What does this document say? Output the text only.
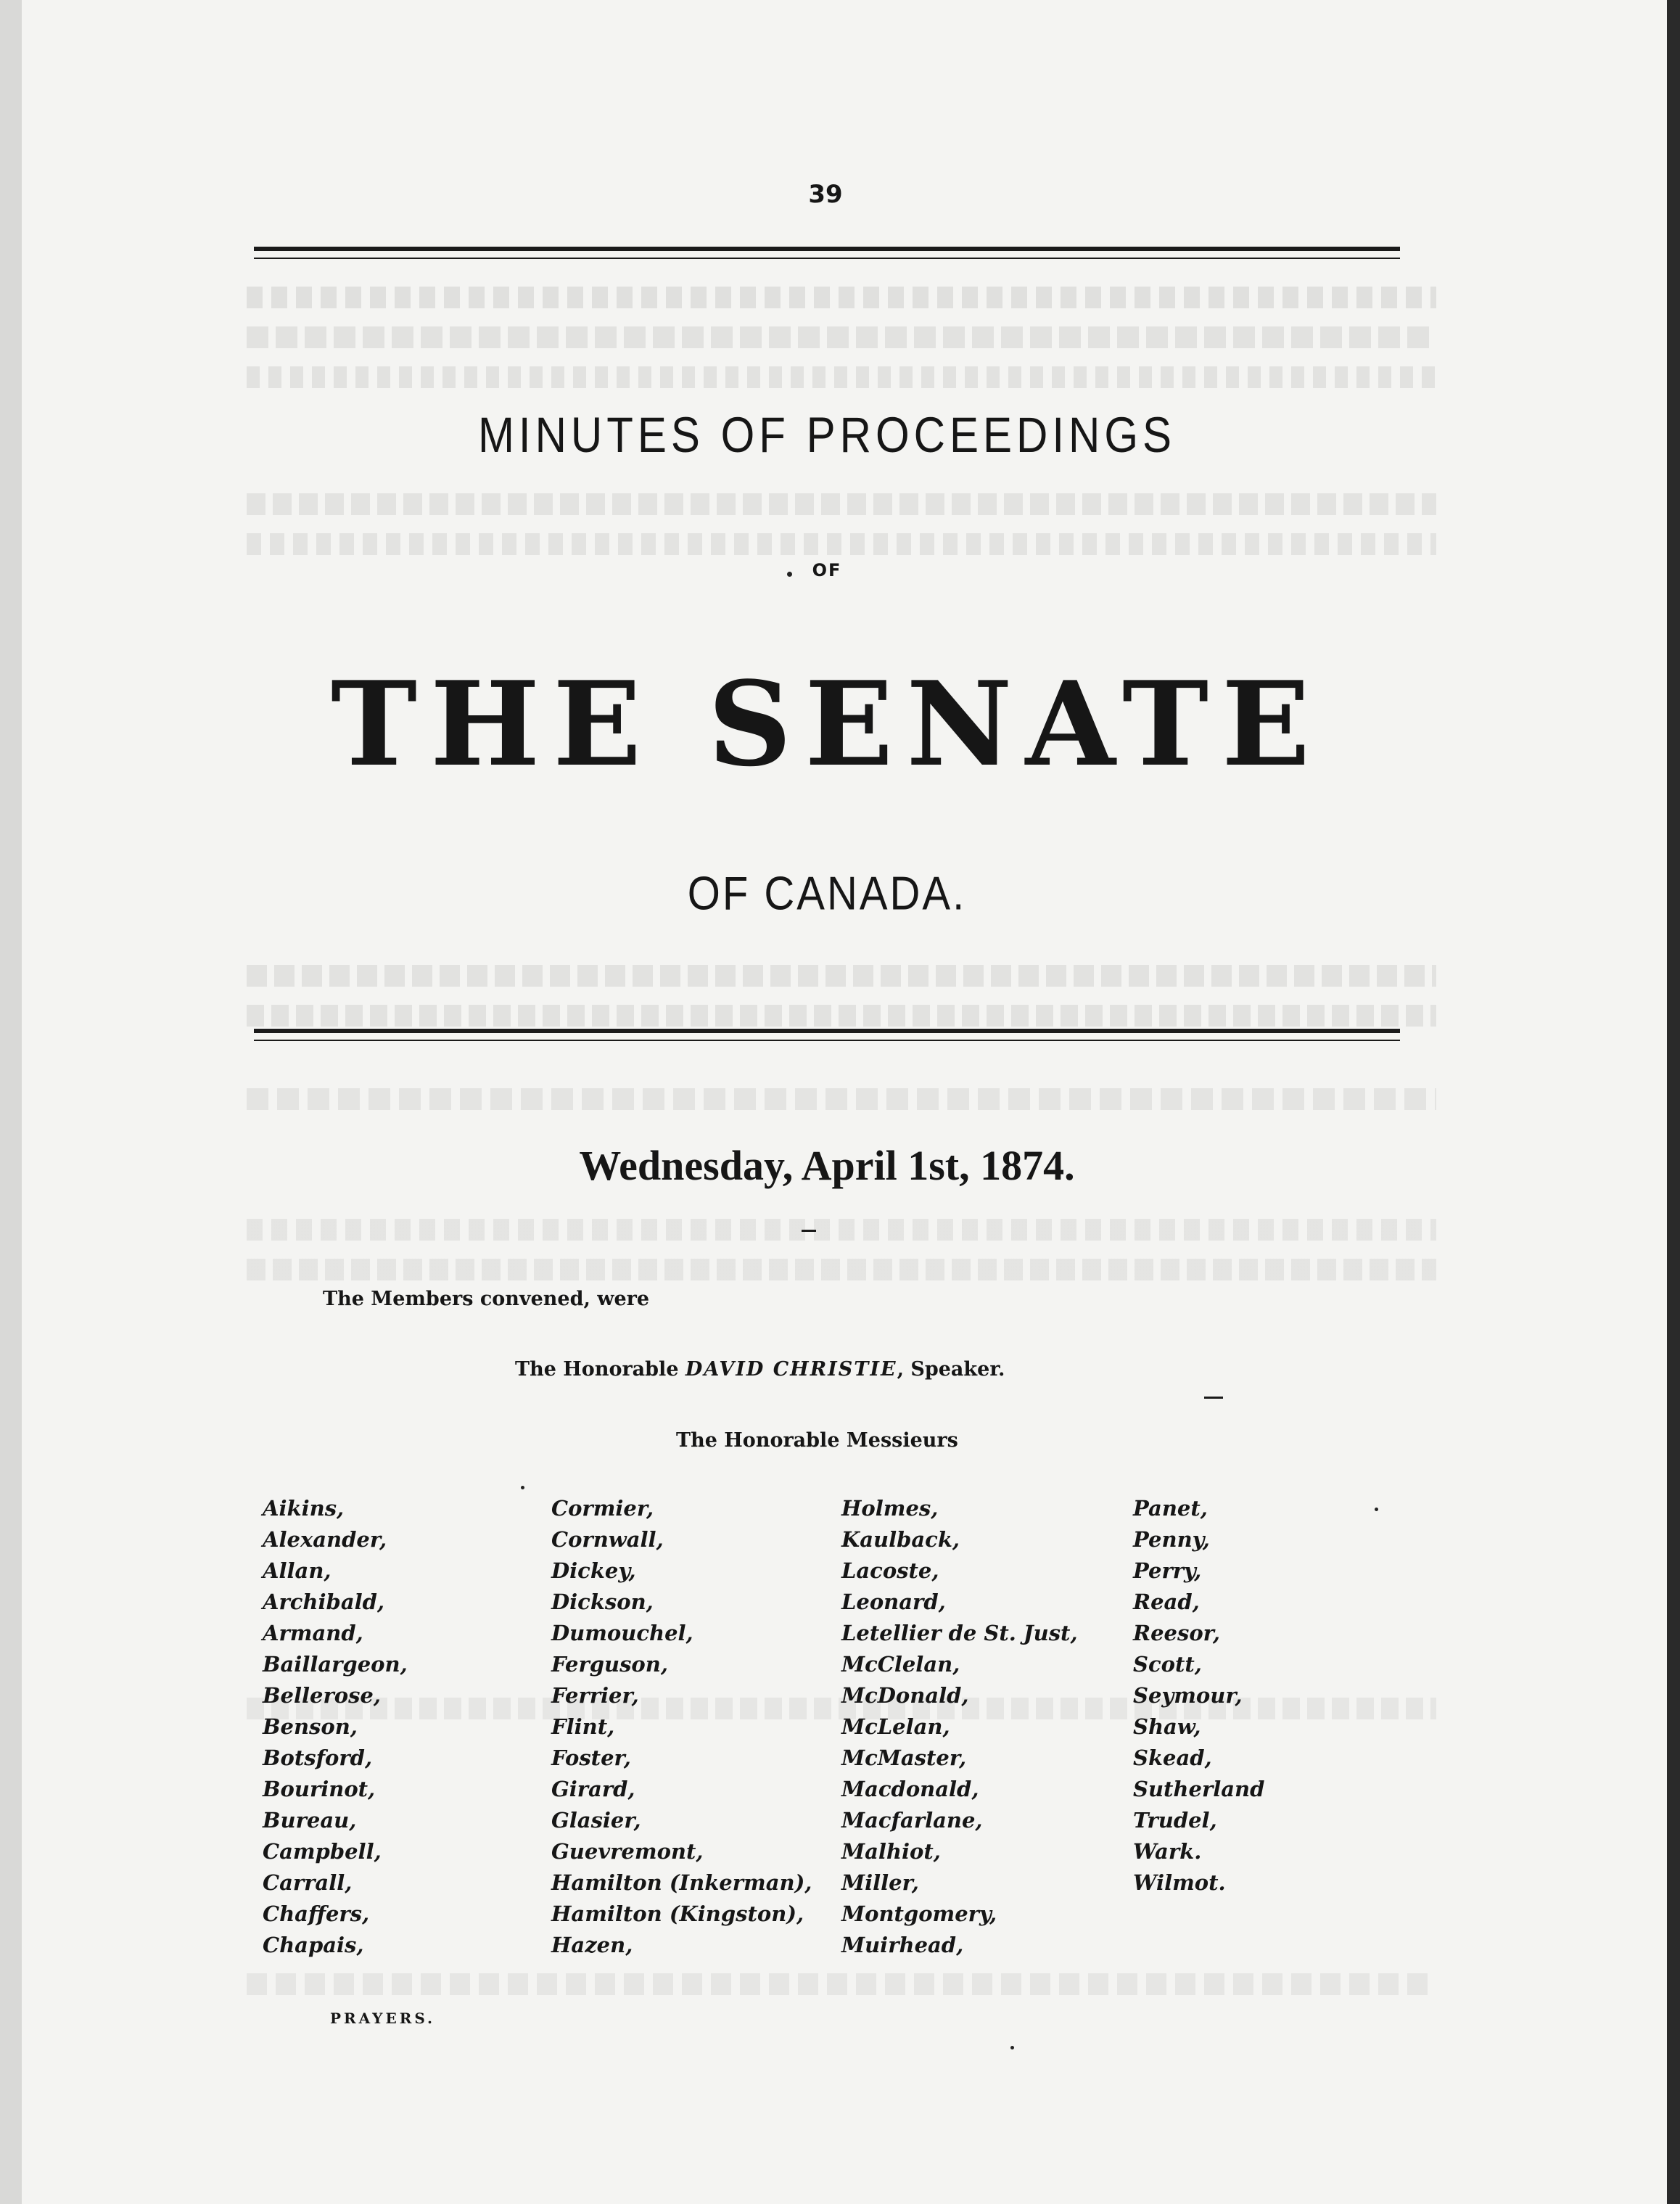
39
MINUTES OF PROCEEDINGS
OF
THE SENATE
OF CANADA.
Wednesday, April 1st, 1874.
The Members convened, were
The Honorable DAVID CHRISTIE, Speaker.
The Honorable Messieurs
Aikins,
Alexander,
Allan,
Archibald,
Armand,
Baillargeon,
Bellerose,
Benson,
Botsford,
Bourinot,
Bureau,
Campbell,
Carrall,
Chaffers,
Chapais,
Cormier,
Cornwall,
Dickey,
Dickson,
Dumouchel,
Ferguson,
Ferrier,
Flint,
Foster,
Girard,
Glasier,
Guevremont,
Hamilton (Inkerman),
Hamilton (Kingston),
Hazen,
Holmes,
Kaulback,
Lacoste,
Leonard,
Letellier de St. Just,
McClelan,
McDonald,
McLelan,
McMaster,
Macdonald,
Macfarlane,
Malhiot,
Miller,
Montgomery,
Muirhead,
Panet,
Penny,
Perry,
Read,
Reesor,
Scott,
Seymour,
Shaw,
Skead,
Sutherland
Trudel,
Wark.
Wilmot.
PRAYERS.
